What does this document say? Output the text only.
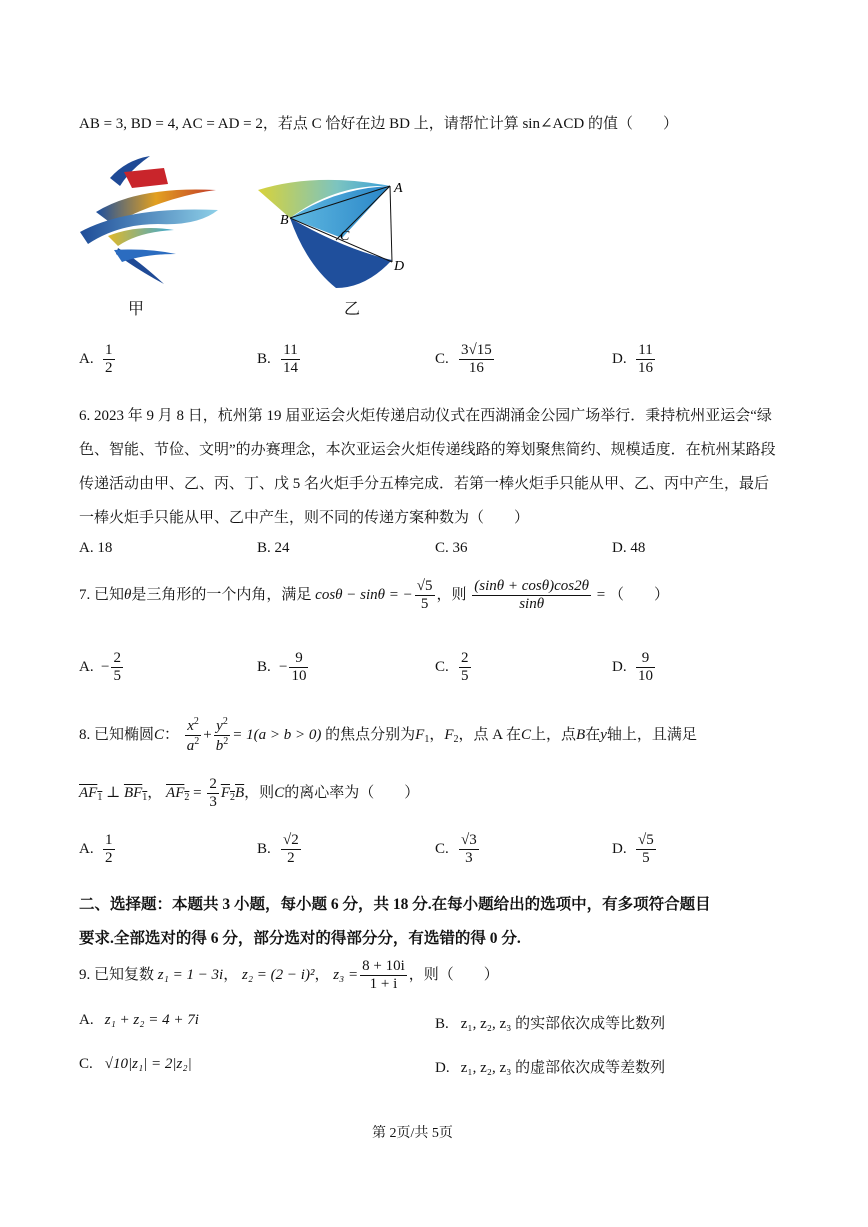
AB = 3, BD = 4, AC = AD = 2，若点 C 恰好在边 BD 上，请帮忙计算 sin∠ACD 的值（　　）
甲
A
B
C
D
乙
A. $\frac{1}{2}$	B. $\frac{11}{14}$	C. $\frac{3√15}{16}$	D. $\frac{11}{16}$
6. 2023 年 9 月 8 日，杭州第 19 届亚运会火炬传递启动仪式在西湖涌金公园广场举行．秉持杭州亚运会“绿
色、智能、节俭、文明”的办赛理念，本次亚运会火炬传递线路的筹划聚焦简约、规模适度．在杭州某路段
传递活动由甲、乙、丙、丁、戊 5 名火炬手分五棒完成．若第一棒火炬手只能从甲、乙、丙中产生，最后
一棒火炬手只能从甲、乙中产生，则不同的传递方案种数为（　　）
A. 18	B. 24	C. 36	D. 48
7. 已知θ是三角形的一个内角，满足 cosθ − sinθ = − $\frac{√5}{5}$ ，则 $\frac{(\sin\theta + \cos\theta)\cos 2\theta}{\sin\theta}$ = （　　）
A. − $\frac{2}{5}$	B. − $\frac{9}{10}$	C. $\frac{2}{5}$	D. $\frac{9}{10}$
8. 已知椭圆C： $\frac{x^2}{a^2} + \frac{y^2}{b^2} = 1(a > b > 0)$ 的焦点分别为$F_1$，$F_2$，点 A 在C上，点B在y轴上，且满足
$AF_1$ ⊥ $BF_1$， $AF_2 = \frac{2}{3} F_2B$，则C的离心率为（　　）
A. $\frac{1}{2}$	B. $\frac{√2}{2}$	C. $\frac{√3}{3}$	D. $\frac{√5}{5}$
二、选择题：本题共 3 小题，每小题 6 分，共 18 分.在每小题给出的选项中，有多项符合题目
要求.全部选对的得 6 分，部分选对的得部分分，有选错的得 0 分.
9. 已知复数 z₁ = 1 − 3i， z₂ = (2 − i)²， $z_3 = \frac{8 + 10i}{1 + i}$ ，则（　　）
A. z₁ + z₂ = 4 + 7i	B. z₁, z₂, z₃ 的实部依次成等比数列
C. √10|z₁| = 2|z₂|	D. z₁, z₂, z₃ 的虚部依次成等差数列
第 2页/共 5页
